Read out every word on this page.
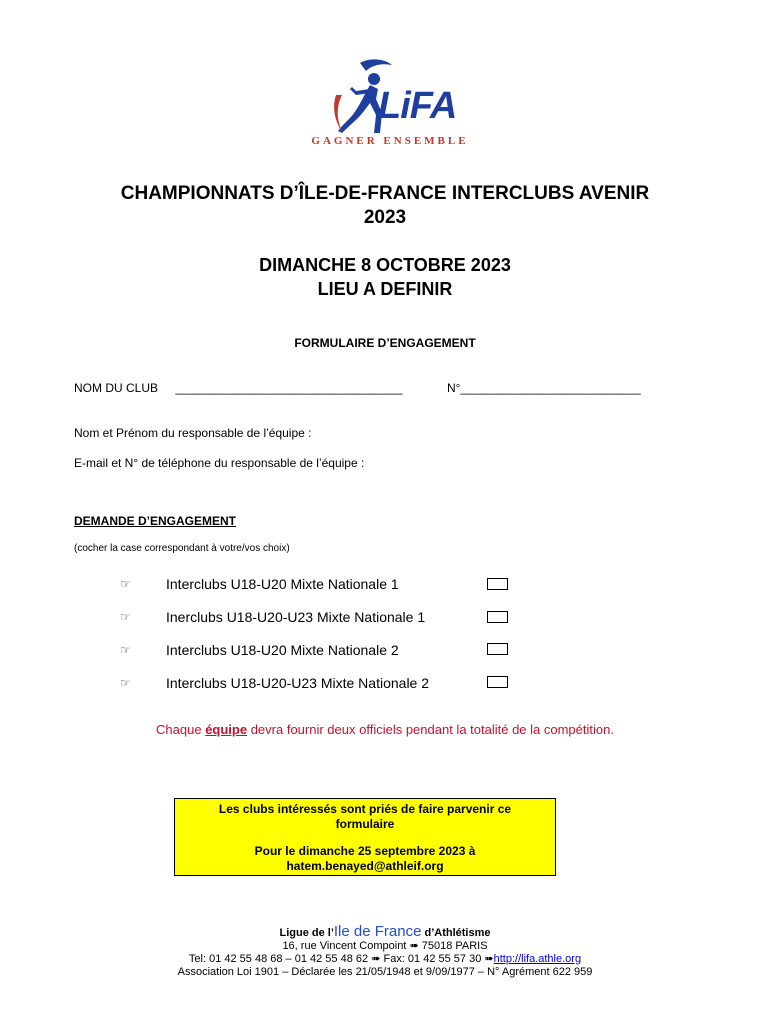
LiFA
GAGNER ENSEMBLE
CHAMPIONNATS D’ÎLE-DE-FRANCE INTERCLUBS AVENIR
2023
DIMANCHE 8 OCTOBRE 2023
LIEU A DEFINIR
FORMULAIRE D’ENGAGEMENT
NOM DU CLUB __________________________________	N°___________________________
Nom et Prénom du responsable de l’équipe :
E-mail et N° de téléphone du responsable de l’équipe :
DEMANDE D’ENGAGEMENT
(cocher la case correspondant à votre/vos choix)
☞	Interclubs U18-U20 Mixte Nationale 1
☞	Inerclubs U18-U20-U23 Mixte Nationale 1
☞	Interclubs U18-U20 Mixte Nationale 2
☞	Interclubs U18-U20-U23 Mixte Nationale 2
Chaque équipe devra fournir deux officiels pendant la totalité de la compétition.

Les clubs intéressés sont priés de faire parvenir ce formulaire

Pour le dimanche 25 septembre 2023 à

hatem.benayed@athleif.org

Ligue de l’Ile de France d’Athlétisme
16, rue Vincent Compoint ➠ 75018 PARIS
Tel: 01 42 55 48 68 – 01 42 55 48 62 ➠ Fax: 01 42 55 57 30 ➠http://lifa.athle.org
Association Loi 1901 – Déclarée les 21/05/1948 et 9/09/1977 – N° Agrément 622 959
